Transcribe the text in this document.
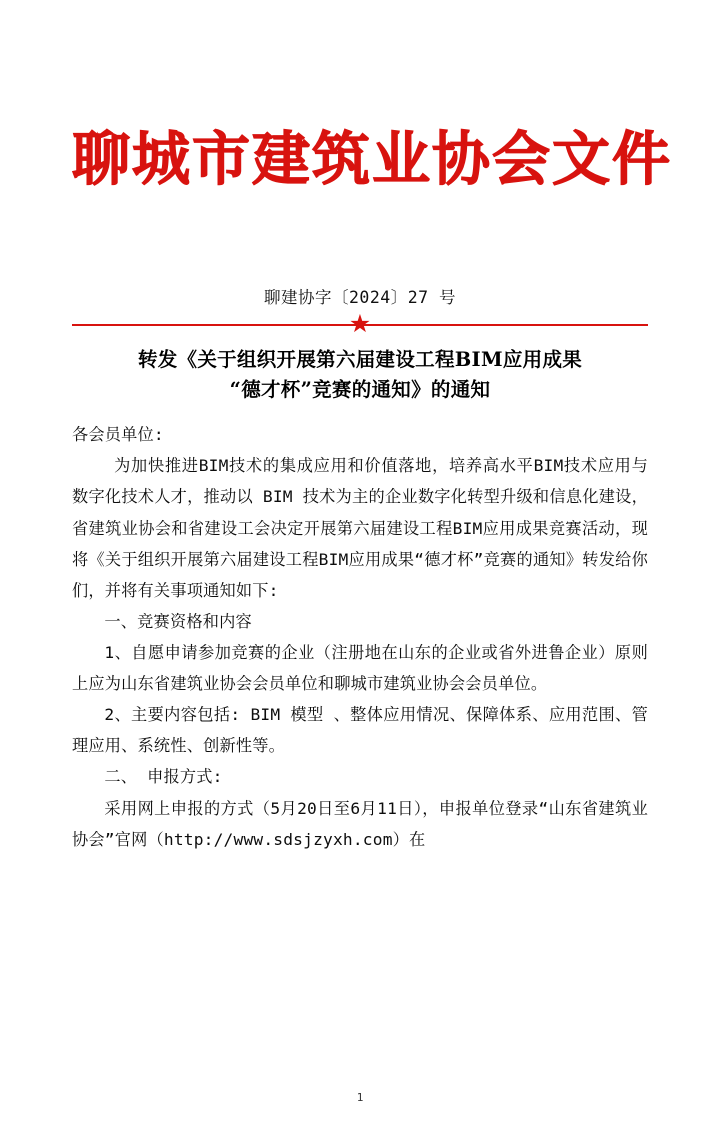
聊城市建筑业协会文件
聊建协字〔2024〕27 号
★
转发《关于组织开展第六届建设工程BIM应用成果
“德才杯”竞赛的通知》的通知

各会员单位:

为加快推进BIM技术的集成应用和价值落地，培养高水平BIM技术应用与数字化技术人才，推动以 BIM 技术为主的企业数字化转型升级和信息化建设，省建筑业协会和省建设工会决定开展第六届建设工程BIM应用成果竞赛活动，现将《关于组织开展第六届建设工程BIM应用成果“德才杯”竞赛的通知》转发给你们，并将有关事项通知如下:

一、竞赛资格和内容

1、自愿申请参加竞赛的企业（注册地在山东的企业或省外进鲁企业）原则上应为山东省建筑业协会会员单位和聊城市建筑业协会会员单位。

2、主要内容包括: BIM 模型 、整体应用情况、保障体系、应用范围、管理应用、系统性、创新性等。

二、 申报方式:

采用网上申报的方式（5月20日至6月11日），申报单位登录“山东省建筑业协会”官网（http://www.sdsjzyxh.com）在

1
